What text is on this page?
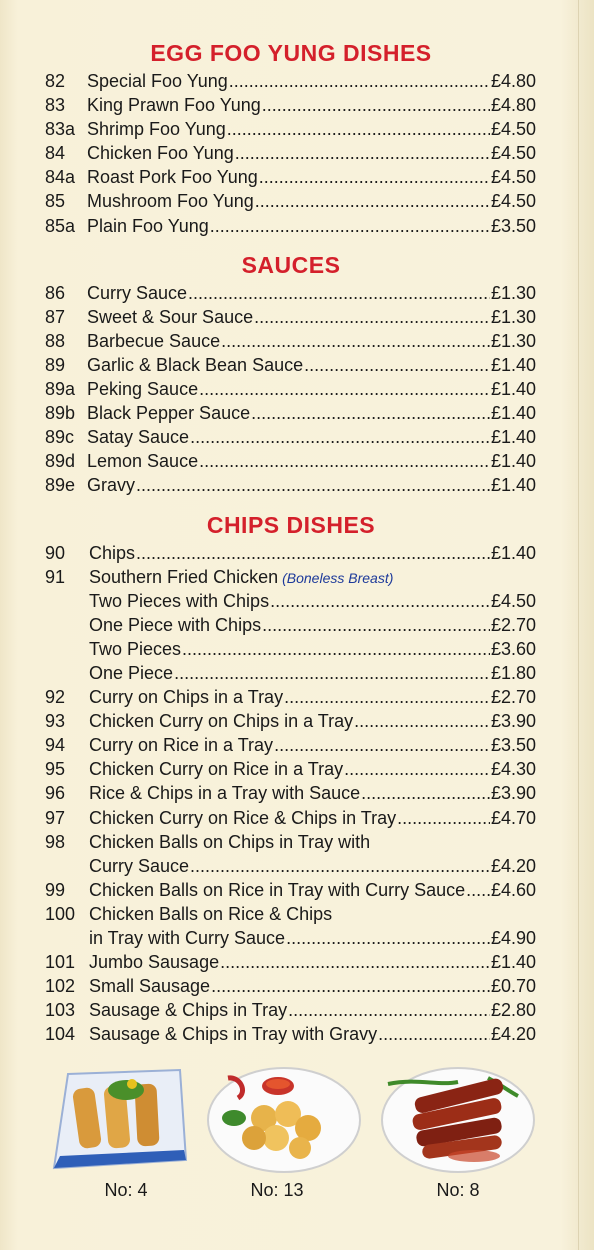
EGG FOO YUNG DISHES
82 Special Foo Yung .....	£4.80
83 King Prawn Foo Yung .....	£4.80
83a Shrimp Foo Yung .....	£4.50
84 Chicken Foo Yung .....	£4.50
84a Roast Pork Foo Yung .....	£4.50
85 Mushroom Foo Yung .....	£4.50
85a Plain Foo Yung .....	£3.50
SAUCES
86 Curry Sauce .....	£1.30
87 Sweet & Sour Sauce .....	£1.30
88 Barbecue Sauce .....	£1.30
89 Garlic & Black Bean Sauce .....	£1.40
89a Peking Sauce .....	£1.40
89b Black Pepper Sauce .....	£1.40
89c Satay Sauce .....	£1.40
89d Lemon Sauce .....	£1.40
89e Gravy .....	£1.40
CHIPS DISHES
90 Chips .....	£1.40
91 Southern Fried Chicken (Boneless Breast)
Two Pieces with Chips .....	£4.50
One Piece with Chips .....	£2.70
Two Pieces .....	£3.60
One Piece .....	£1.80
92 Curry on Chips in a Tray .....	£2.70
93 Chicken Curry on Chips in a Tray .....	£3.90
94 Curry on Rice in a Tray .....	£3.50
95 Chicken Curry on Rice in a Tray .....	£4.30
96 Rice & Chips in a Tray with Sauce .....	£3.90
97 Chicken Curry on Rice & Chips in Tray .....	£4.70
98 Chicken Balls on Chips in Tray with
Curry Sauce .....	£4.20
99 Chicken Balls on Rice in Tray with Curry Sauce ..... £4.60
100 Chicken Balls on Rice & Chips
in Tray with Curry Sauce .....	£4.90
101 Jumbo Sausage .....	£1.40
102 Small Sausage .....	£0.70
103 Sausage & Chips in Tray .....	£2.80
104 Sausage & Chips in Tray with Gravy .....	£4.20
No: 4	No: 13	No: 8
